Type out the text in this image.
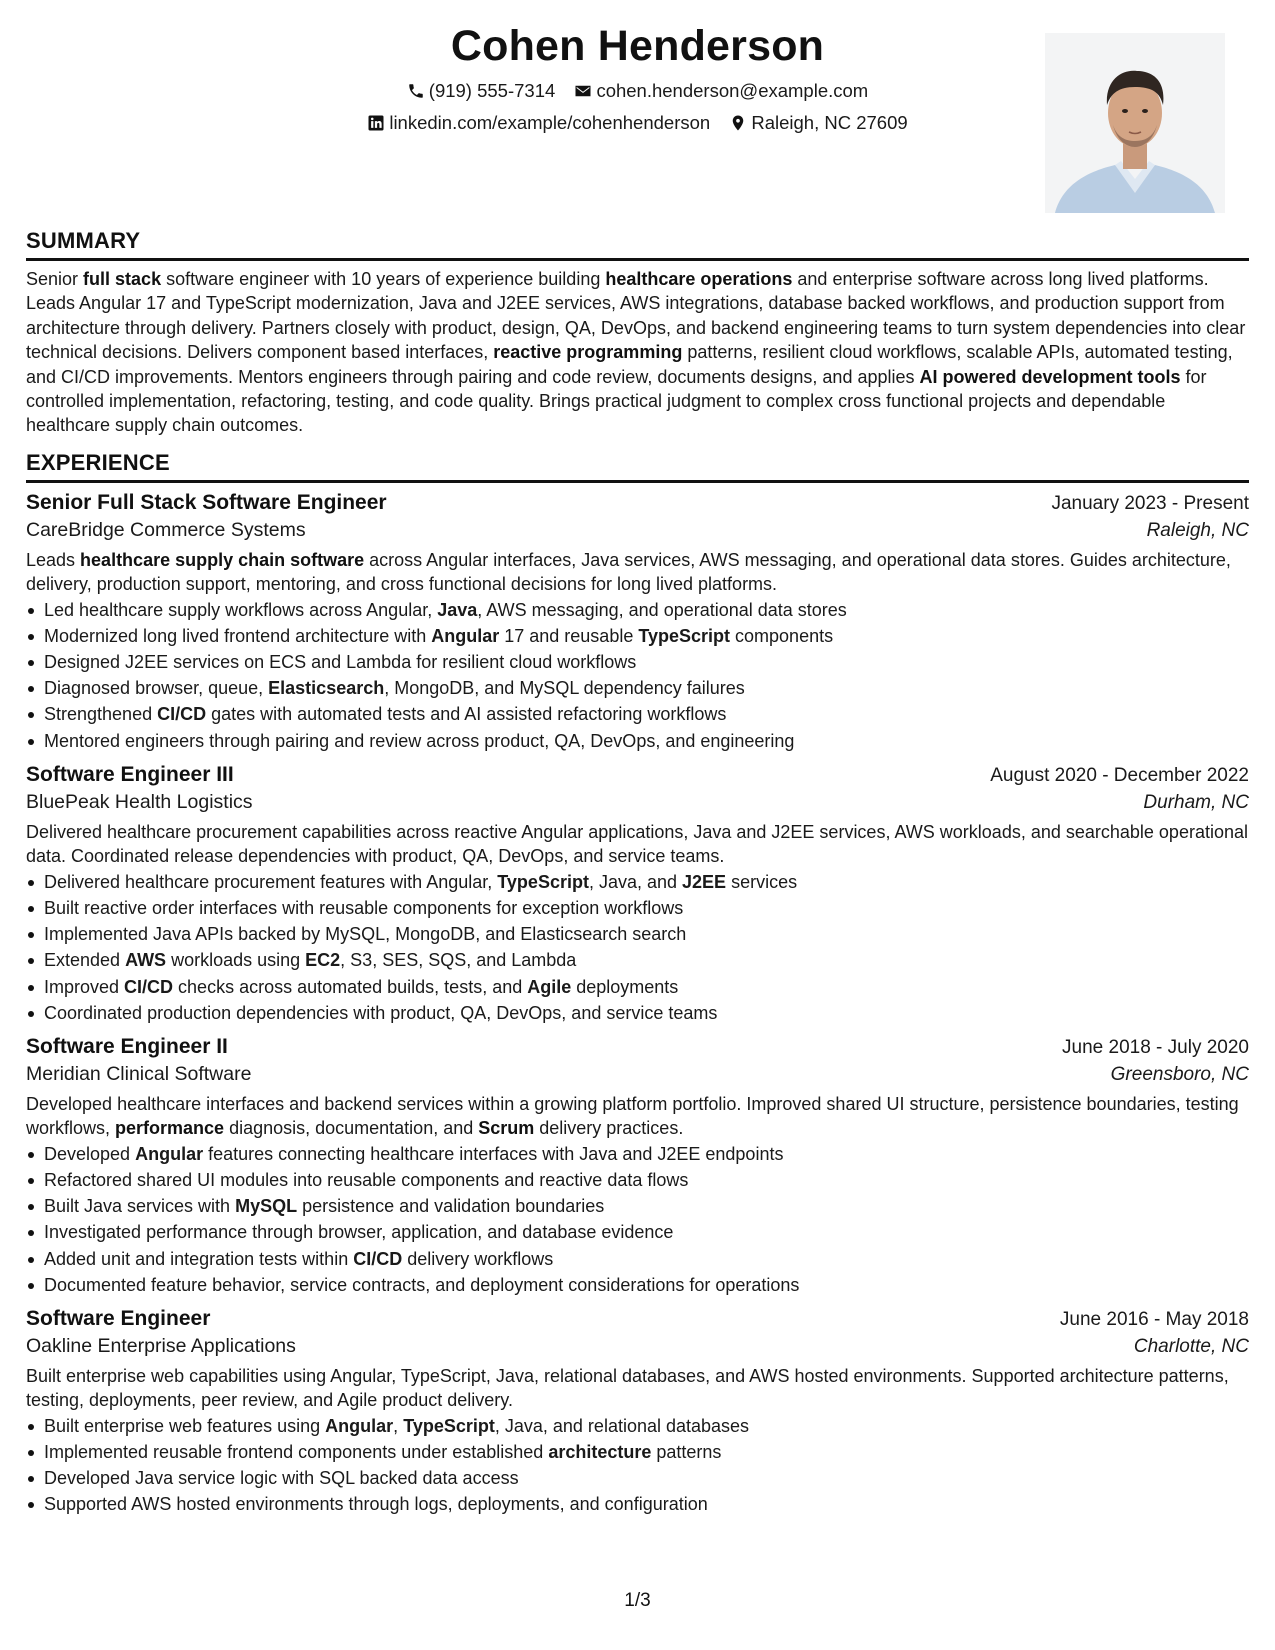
Cohen Henderson
(919) 555-7314
cohen.henderson@example.com
linkedin.com/example/cohenhenderson
Raleigh, NC 27609
SUMMARY

Senior full stack software engineer with 10 years of experience building healthcare operations and enterprise software across long lived platforms. Leads Angular 17 and TypeScript modernization, Java and J2EE services, AWS integrations, database backed workflows, and production support from architecture through delivery. Partners closely with product, design, QA, DevOps, and backend engineering teams to turn system dependencies into clear technical decisions. Delivers component based interfaces, reactive programming patterns, resilient cloud workflows, scalable APIs, automated testing, and CI/CD improvements. Mentors engineers through pairing and code review, documents designs, and applies AI powered development tools for controlled implementation, refactoring, testing, and code quality. Brings practical judgment to complex cross functional projects and dependable healthcare supply chain outcomes.

EXPERIENCE
Senior Full Stack Software Engineer	January 2023 - Present
CareBridge Commerce Systems	Raleigh, NC

Leads healthcare supply chain software across Angular interfaces, Java services, AWS messaging, and operational data stores. Guides architecture, delivery, production support, mentoring, and cross functional decisions for long lived platforms.

Led healthcare supply workflows across Angular, Java, AWS messaging, and operational data stores
Modernized long lived frontend architecture with Angular 17 and reusable TypeScript components
Designed J2EE services on ECS and Lambda for resilient cloud workflows
Diagnosed browser, queue, Elasticsearch, MongoDB, and MySQL dependency failures
Strengthened CI/CD gates with automated tests and AI assisted refactoring workflows
Mentored engineers through pairing and review across product, QA, DevOps, and engineering
Software Engineer III	August 2020 - December 2022
BluePeak Health Logistics	Durham, NC

Delivered healthcare procurement capabilities across reactive Angular applications, Java and J2EE services, AWS workloads, and searchable operational data. Coordinated release dependencies with product, QA, DevOps, and service teams.

Delivered healthcare procurement features with Angular, TypeScript, Java, and J2EE services
Built reactive order interfaces with reusable components for exception workflows
Implemented Java APIs backed by MySQL, MongoDB, and Elasticsearch search
Extended AWS workloads using EC2, S3, SES, SQS, and Lambda
Improved CI/CD checks across automated builds, tests, and Agile deployments
Coordinated production dependencies with product, QA, DevOps, and service teams
Software Engineer II	June 2018 - July 2020
Meridian Clinical Software	Greensboro, NC

Developed healthcare interfaces and backend services within a growing platform portfolio. Improved shared UI structure, persistence boundaries, testing workflows, performance diagnosis, documentation, and Scrum delivery practices.

Developed Angular features connecting healthcare interfaces with Java and J2EE endpoints
Refactored shared UI modules into reusable components and reactive data flows
Built Java services with MySQL persistence and validation boundaries
Investigated performance through browser, application, and database evidence
Added unit and integration tests within CI/CD delivery workflows
Documented feature behavior, service contracts, and deployment considerations for operations
Software Engineer	June 2016 - May 2018
Oakline Enterprise Applications	Charlotte, NC

Built enterprise web capabilities using Angular, TypeScript, Java, relational databases, and AWS hosted environments. Supported architecture patterns, testing, deployments, peer review, and Agile product delivery.

Built enterprise web features using Angular, TypeScript, Java, and relational databases
Implemented reusable frontend components under established architecture patterns
Developed Java service logic with SQL backed data access
Supported AWS hosted environments through logs, deployments, and configuration
1/3
